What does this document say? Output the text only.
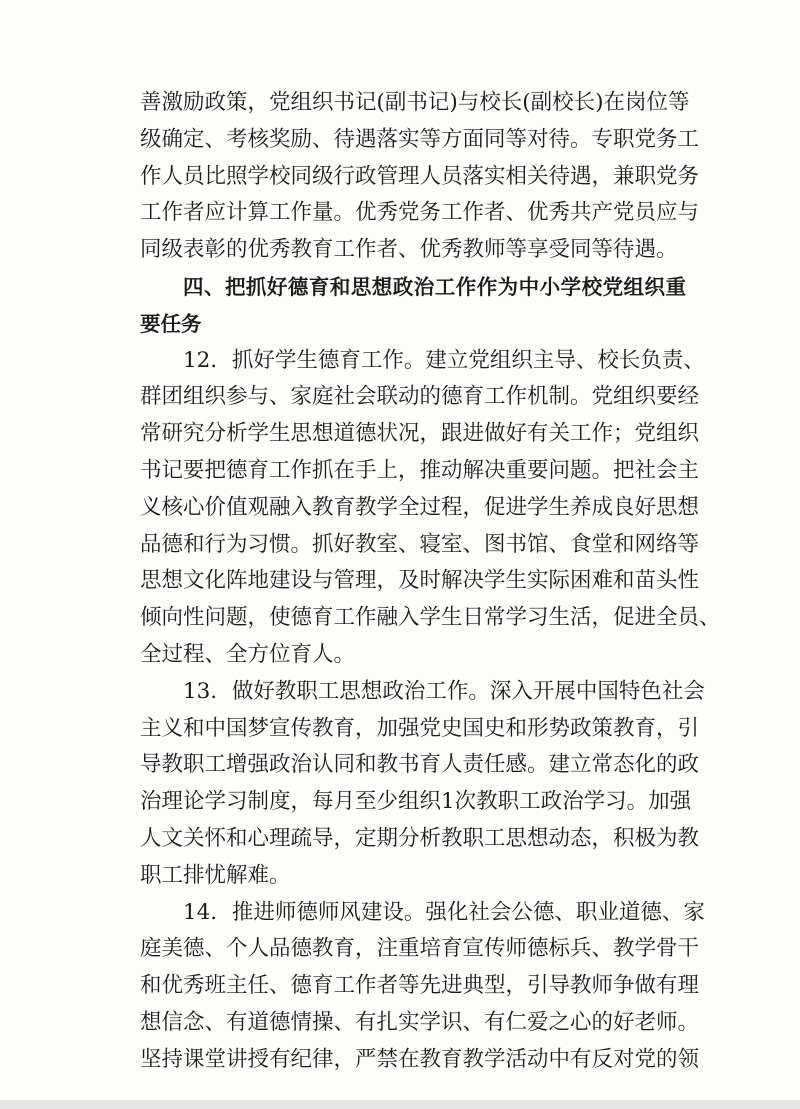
善激励政策，党组织书记(副书记)与校长(副校长)在岗位等
级确定、考核奖励、待遇落实等方面同等对待。专职党务工
作人员比照学校同级行政管理人员落实相关待遇，兼职党务
工作者应计算工作量。优秀党务工作者、优秀共产党员应与
同级表彰的优秀教育工作者、优秀教师等享受同等待遇。
四、把抓好德育和思想政治工作作为中小学校党组织重
要任务
12．抓好学生德育工作。建立党组织主导、校长负责、
群团组织参与、家庭社会联动的德育工作机制。党组织要经
常研究分析学生思想道德状况，跟进做好有关工作；党组织
书记要把德育工作抓在手上，推动解决重要问题。把社会主
义核心价值观融入教育教学全过程，促进学生养成良好思想
品德和行为习惯。抓好教室、寝室、图书馆、食堂和网络等
思想文化阵地建设与管理，及时解决学生实际困难和苗头性
倾向性问题，使德育工作融入学生日常学习生活，促进全员、
全过程、全方位育人。
13．做好教职工思想政治工作。深入开展中国特色社会
主义和中国梦宣传教育，加强党史国史和形势政策教育，引
导教职工增强政治认同和教书育人责任感。建立常态化的政
治理论学习制度，每月至少组织1次教职工政治学习。加强
人文关怀和心理疏导，定期分析教职工思想动态，积极为教
职工排忧解难。
14．推进师德师风建设。强化社会公德、职业道德、家
庭美德、个人品德教育，注重培育宣传师德标兵、教学骨干
和优秀班主任、德育工作者等先进典型，引导教师争做有理
想信念、有道德情操、有扎实学识、有仁爱之心的好老师。
坚持课堂讲授有纪律，严禁在教育教学活动中有反对党的领
